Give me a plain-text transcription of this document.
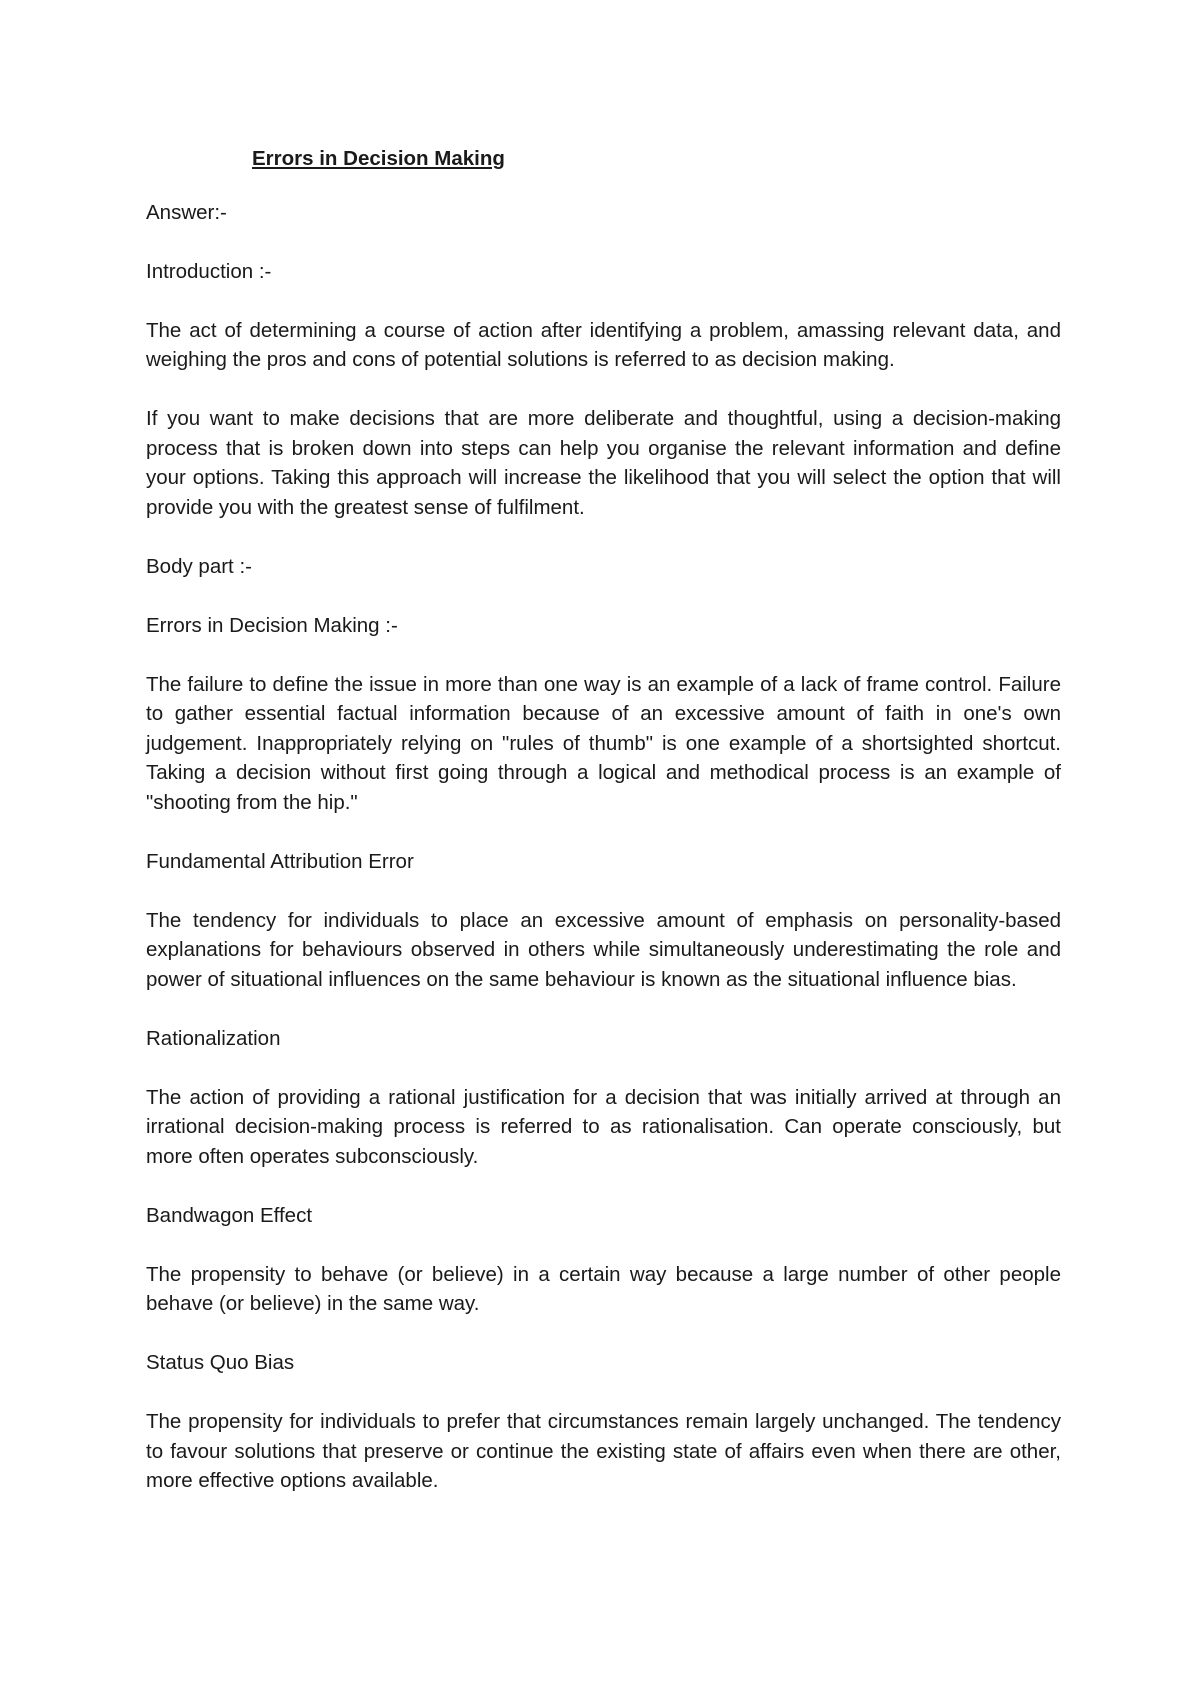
Errors in Decision Making
Answer:-
Introduction :-
The act of determining a course of action after identifying a problem, amassing relevant data, and weighing the pros and cons of potential solutions is referred to as decision making.
If you want to make decisions that are more deliberate and thoughtful, using a decision-making process that is broken down into steps can help you organise the relevant information and define your options. Taking this approach will increase the likelihood that you will select the option that will provide you with the greatest sense of fulfilment.
Body part :-
Errors in Decision Making :-
The failure to define the issue in more than one way is an example of a lack of frame control. Failure to gather essential factual information because of an excessive amount of faith in one's own judgement. Inappropriately relying on "rules of thumb" is one example of a shortsighted shortcut. Taking a decision without first going through a logical and methodical process is an example of "shooting from the hip."
Fundamental Attribution Error
The tendency for individuals to place an excessive amount of emphasis on personality-based explanations for behaviours observed in others while simultaneously underestimating the role and power of situational influences on the same behaviour is known as the situational influence bias.
Rationalization
The action of providing a rational justification for a decision that was initially arrived at through an irrational decision-making process is referred to as rationalisation. Can operate consciously, but more often operates subconsciously.
Bandwagon Effect
The propensity to behave (or believe) in a certain way because a large number of other people behave (or believe) in the same way.
Status Quo Bias
The propensity for individuals to prefer that circumstances remain largely unchanged. The tendency to favour solutions that preserve or continue the existing state of affairs even when there are other, more effective options available.
